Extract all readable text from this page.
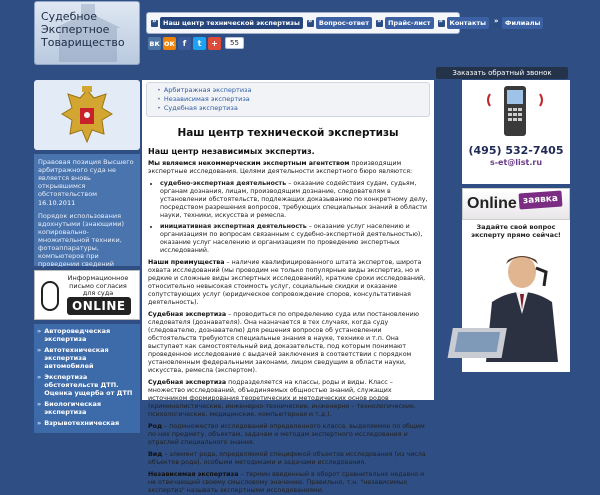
Судебное
Экспертное
Товарищество
»
Наш центр технической экспертизы »	Вопрос-ответ »	Прайс-лист »	Контакты »	Филиалы
вк ок f	t	+	55
Заказать обратный звонок
Правовая позиция Высшего арбитражного суда не является вновь открывшимся обстоятельством
16.10.2011
Порядок использования вдохнутыми (знающими) копировально-множительной техники, фотоаппаратуры, компьютеров при проведении сведений
Информационное письмо согласия для суда
ONLINE
» Автороведческая экспертиза
» Автотехническая экспертиза автомобилей
» Экспертиза обстоятельств ДТП. Оценка ущерба от ДТП
» Биологическая экспертиза
» Взрывотехническая
• Арбитражная экспертиза
• Независимая экспертиза
• Судебная экспертиза
Наш центр технической экспертизы
Наш центр независимых экспертиз.

Мы являемся некоммерческим экспертным агентством производящим экспертные исследования. Целями деятельности экспертного бюро являются:

• судебно-экспертная деятельность – оказание содействия судам, судьям, органам дознания, лицам, производящим дознание, следователям в установлении обстоятельств, подлежащих доказыванию по конкретному делу, посредством разрешения вопросов, требующих специальных знаний в области науки, техники, искусства и ремесла.
• инициативная экспертная деятельность – оказание услуг населению и организациям по вопросам связанным с судебно-экспертной деятельностью), оказание услуг населению и организациям по проведению экспертных исследований.

Наши преимущества – наличие квалифицированного штата экспертов, широта охвата исследований (мы проводим не только популярные виды экспертиз, но и редкие и сложные виды экспертных исследований), краткие сроки исследований, относительно невысокая стоимость услуг, социальные скидки и оказание сопутствующих услуг (юридическое сопровождение споров, консультативная деятельность).

Судебная экспертиза – проводиться по определению суда или постановлению следователя (дознавателя). Она назначается в тех случаях, когда суду (следователю, дознавателю) для решения вопросов об установлении обстоятельств требуются специальные знания в науке, технике и т.п. Она выступает как самостоятельный вид доказательств, под которым понимают проведенное исследование с выдачей заключения в соответствии с порядком установленным федеральными законами, лицом сведущим в области науки, искусства, ремесла (экспертом).

Судебная экспертиза подразделяется на классы, роды и виды. Класс – множество исследований, объединяемых общностью знаний, служащих источником формирования теоретических и методических основ родов (криминалистические, инженерно-технические, инженерно – технологические, психологические, медицинские, компьютерная и т.д.).

Род – подмножество исследований определенного класса, выделяемое по общим по них предмету, объектам, задачам и методам экспертного исследования и отраслей специального знания.

Вид – элемент рода, определяемой спецификой объектов исследования (из числа объектов рода), особыми методиками и задачами исследования.

Независимая экспертиза – термин введенный в оборот сравнительно недавно и не отвечающий своему смысловому значению. Правильно, т.н. "независимых экспертиз" называть экспертными исследованиями.

(495) 532-7405
s-et@list.ru
Online заявка
Задайте свой вопрос эксперту прямо сейчас!
